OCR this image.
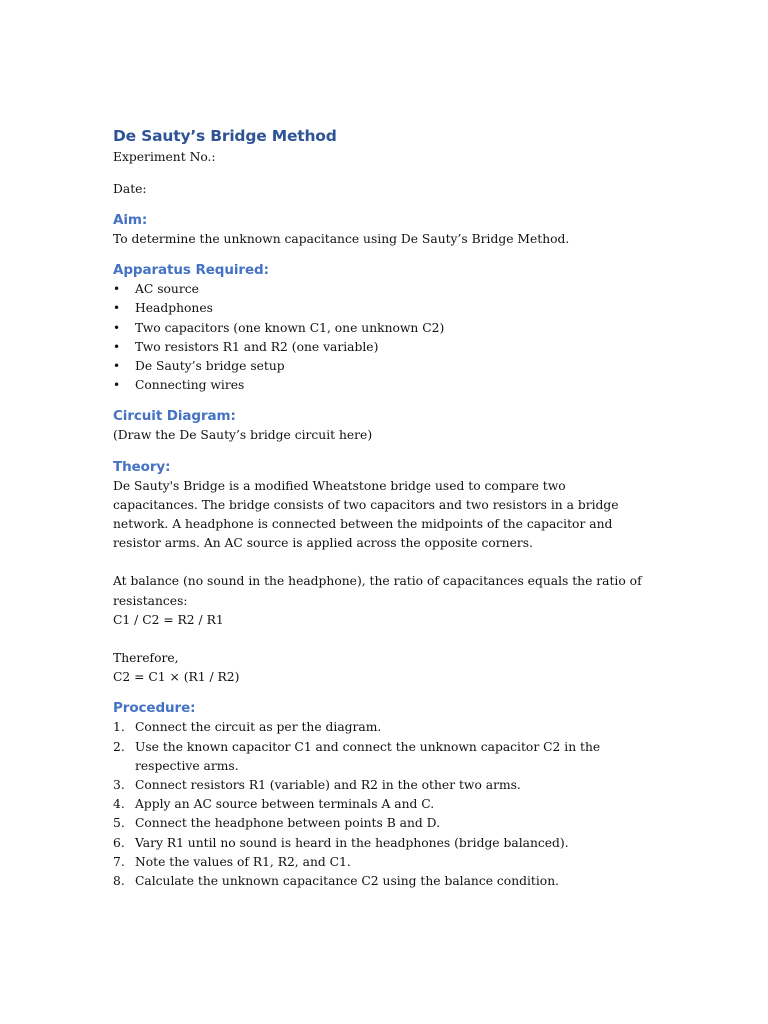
De Sauty’s Bridge Method

Experiment No.:

Date:

Aim:

To determine the unknown capacitance using De Sauty’s Bridge Method.

Apparatus Required:
• AC source
• Headphones
• Two capacitors (one known C1, one unknown C2)
• Two resistors R1 and R2 (one variable)
• De Sauty’s bridge setup
• Connecting wires
Circuit Diagram:

(Draw the De Sauty’s bridge circuit here)

Theory:

De Sauty's Bridge is a modified Wheatstone bridge used to compare two capacitances. The bridge consists of two capacitors and two resistors in a bridge network. A headphone is connected between the midpoints of the capacitor and resistor arms. An AC source is applied across the opposite corners.

At balance (no sound in the headphone), the ratio of capacitances equals the ratio of resistances:

C1 / C2 = R2 / R1

Therefore,

C2 = C1 × (R1 / R2)

Procedure:
1. Connect the circuit as per the diagram.
2. Use the known capacitor C1 and connect the unknown capacitor C2 in the respective arms.
3. Connect resistors R1 (variable) and R2 in the other two arms.
4. Apply an AC source between terminals A and C.
5. Connect the headphone between points B and D.
6. Vary R1 until no sound is heard in the headphones (bridge balanced).
7. Note the values of R1, R2, and C1.
8. Calculate the unknown capacitance C2 using the balance condition.
